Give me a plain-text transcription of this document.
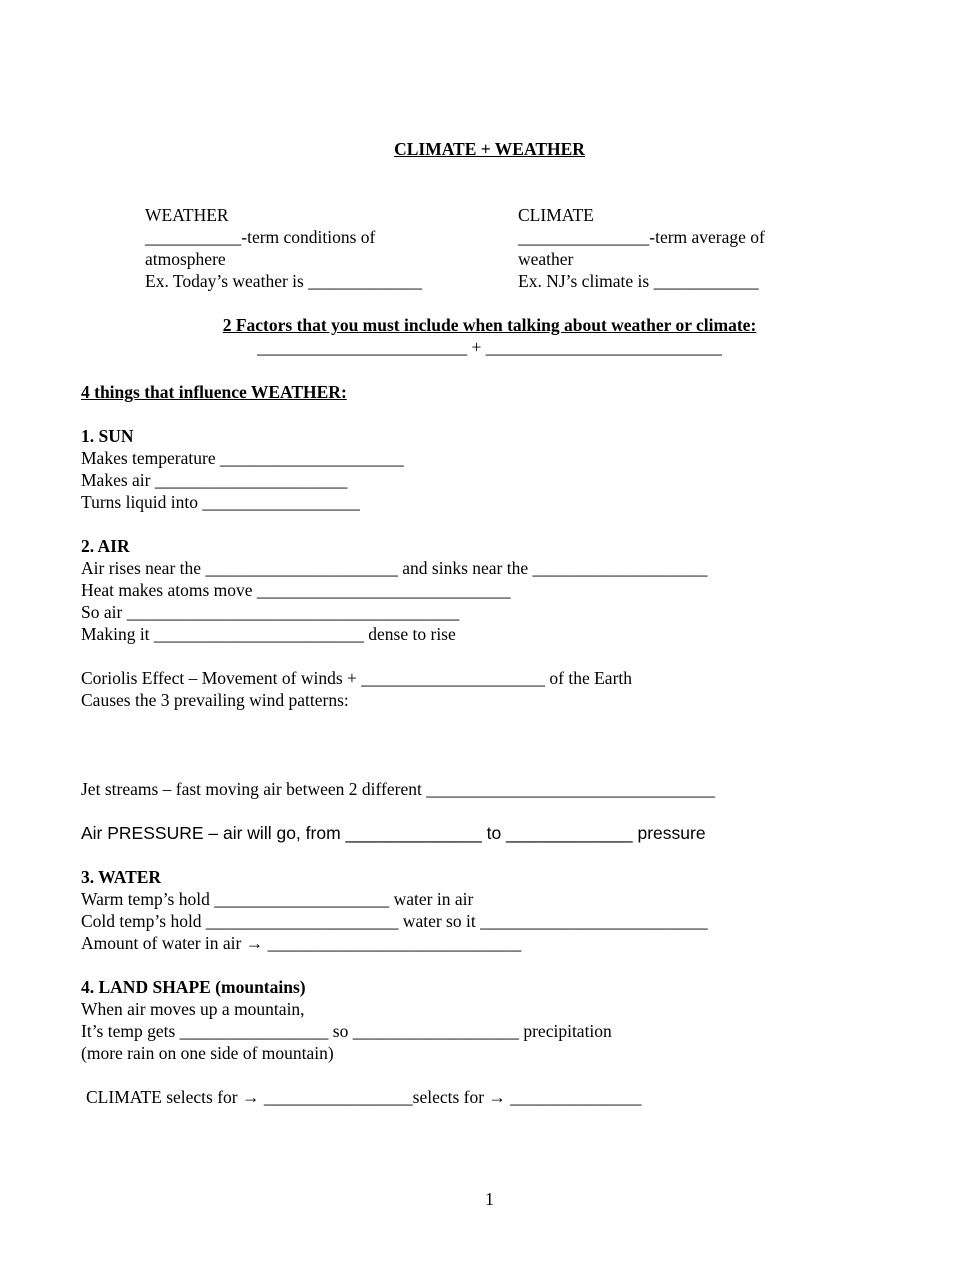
CLIMATE + WEATHER
WEATHER
___________-term conditions of
atmosphere
Ex. Today’s weather is _____________
CLIMATE
_______________-term average of
weather
Ex. NJ’s climate is ____________
2 Factors that you must include when talking about weather or climate:
________________________ + ___________________________
4 things that influence WEATHER:
1. SUN
Makes temperature _____________________
Makes air ______________________
Turns liquid into __________________
2. AIR
Air rises near the ______________________ and sinks near the ____________________
Heat makes atoms move _____________________________
So air ______________________________________
Making it ________________________ dense to rise
Coriolis Effect – Movement of winds + _____________________ of the Earth
Causes the 3 prevailing wind patterns:
Jet streams – fast moving air between 2 different _________________________________
Air PRESSURE – air will go, from ______________ to _____________ pressure
3. WATER
Warm temp’s hold ____________________ water in air
Cold temp’s hold ______________________ water so it __________________________
Amount of water in air → _____________________________
4. LAND SHAPE (mountains)
When air moves up a mountain,
It’s temp gets _________________ so ___________________ precipitation
(more rain on one side of mountain)
CLIMATE selects for → _________________selects for → _______________
1
